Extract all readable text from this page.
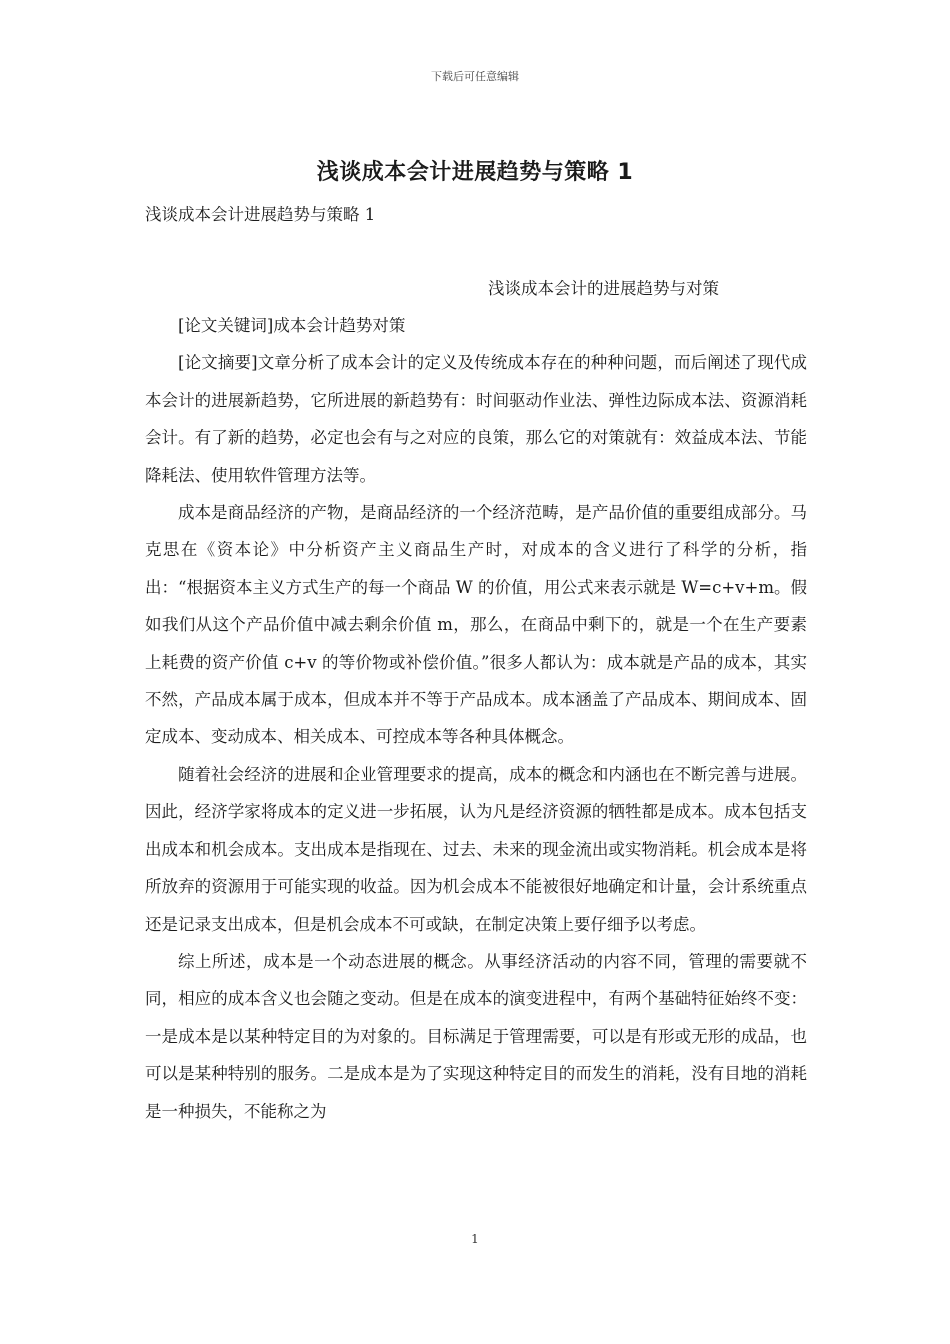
下载后可任意编辑
浅谈成本会计进展趋势与策略 1
浅谈成本会计进展趋势与策略 1
浅谈成本会计的进展趋势与对策

[论文关键词]成本会计趋势对策

[论文摘要]文章分析了成本会计的定义及传统成本存在的种种问题，而后阐述了现代成本会计的进展新趋势，它所进展的新趋势有：时间驱动作业法、弹性边际成本法、资源消耗会计。有了新的趋势，必定也会有与之对应的良策，那么它的对策就有：效益成本法、节能降耗法、使用软件管理方法等。

成本是商品经济的产物，是商品经济的一个经济范畴，是产品价值的重要组成部分。马克思在《资本论》中分析资产主义商品生产时，对成本的含义进行了科学的分析，指出：“根据资本主义方式生产的每一个商品 W 的价值，用公式来表示就是 W=c+v+m。假如我们从这个产品价值中减去剩余价值 m，那么，在商品中剩下的，就是一个在生产要素上耗费的资产价值 c+v 的等价物或补偿价值。”很多人都认为：成本就是产品的成本，其实不然，产品成本属于成本，但成本并不等于产品成本。成本涵盖了产品成本、期间成本、固定成本、变动成本、相关成本、可控成本等各种具体概念。

随着社会经济的进展和企业管理要求的提高，成本的概念和内涵也在不断完善与进展。因此，经济学家将成本的定义进一步拓展，认为凡是经济资源的牺牲都是成本。成本包括支出成本和机会成本。支出成本是指现在、过去、未来的现金流出或实物消耗。机会成本是将所放弃的资源用于可能实现的收益。因为机会成本不能被很好地确定和计量，会计系统重点还是记录支出成本，但是机会成本不可或缺，在制定决策上要仔细予以考虑。

综上所述，成本是一个动态进展的概念。从事经济活动的内容不同，管理的需要就不同，相应的成本含义也会随之变动。但是在成本的演变进程中，有两个基础特征始终不变：一是成本是以某种特定目的为对象的。目标满足于管理需要，可以是有形或无形的成品，也可以是某种特别的服务。二是成本是为了实现这种特定目的而发生的消耗，没有目地的消耗是一种损失，不能称之为

1
